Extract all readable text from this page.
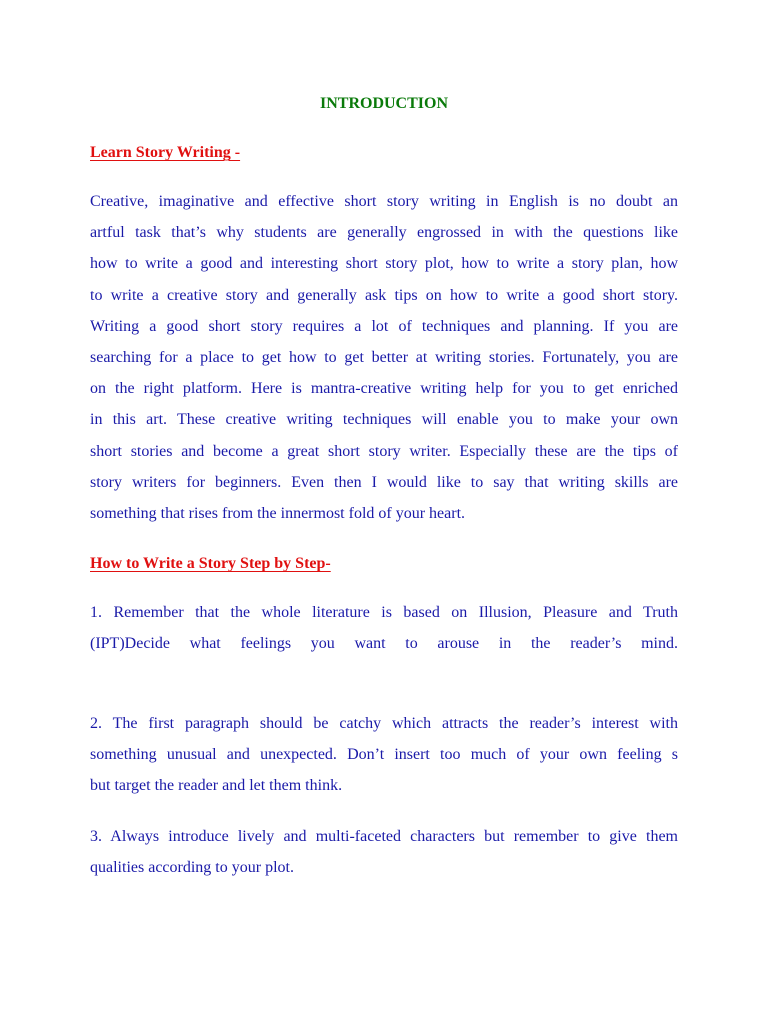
INTRODUCTION
Learn Story Writing -
Creative, imaginative and effective short story writing in English is no doubt an
artful task that’s why students are generally engrossed in with the questions like
how to write a good and interesting short story plot, how to write a story plan, how
to write a creative story and generally ask tips on how to write a good short story.
Writing a good short story requires a lot of techniques and planning. If you are
searching for a place to get how to get better at writing stories. Fortunately, you are
on the right platform. Here is mantra-creative writing help for you to get enriched
in this art. These creative writing techniques will enable you to make your own
short stories and become a great short story writer. Especially these are the tips of
story writers for beginners. Even then I would like to say that writing skills are
something that rises from the innermost fold of your heart.
How to Write a Story Step by Step-
1. Remember that the whole literature is based on Illusion, Pleasure and Truth
(IPT)Decide what feelings you want to arouse in the reader’s mind.
2. The first paragraph should be catchy which attracts the reader’s interest with
something unusual and unexpected. Don’t insert too much of your own feeling s
but target the reader and let them think.
3. Always introduce lively and multi-faceted characters but remember to give them
qualities according to your plot.
